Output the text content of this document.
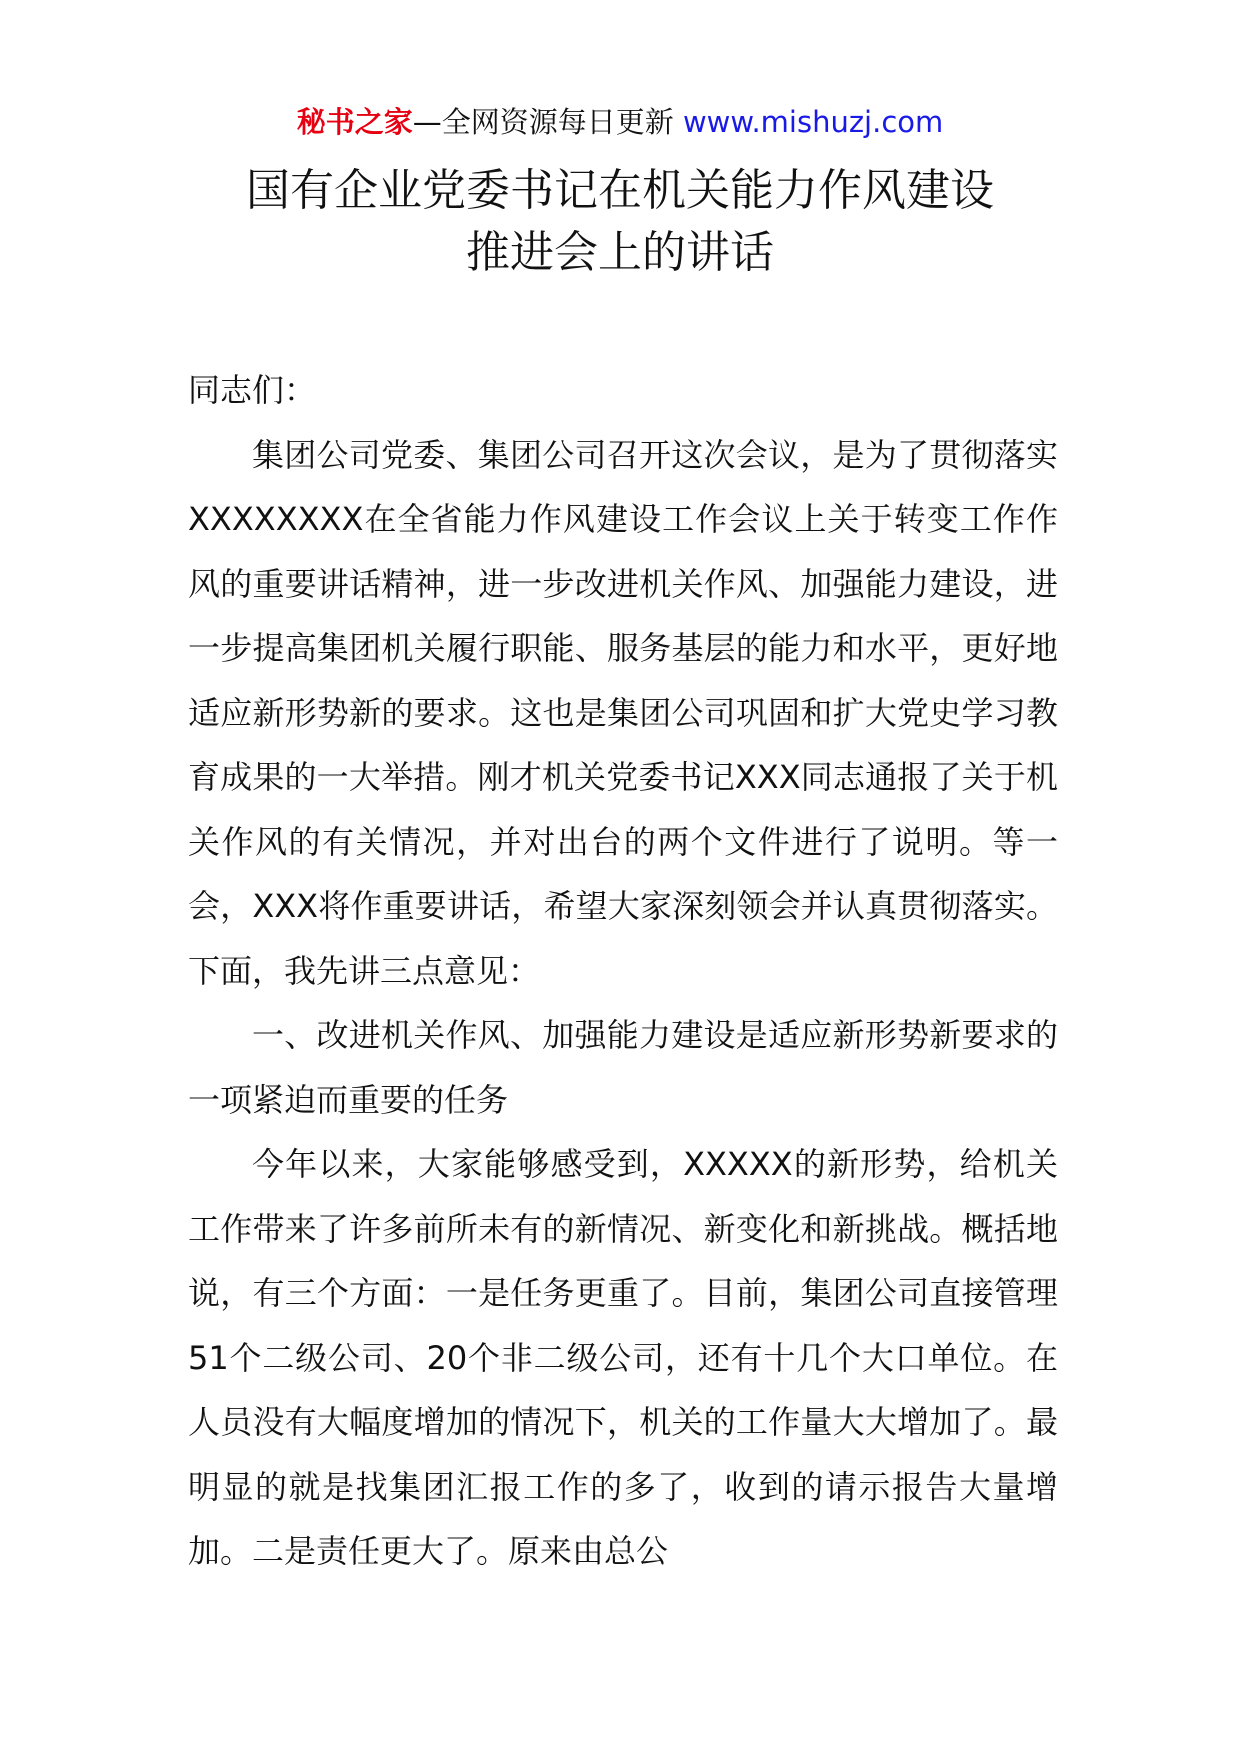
秘书之家—全网资源每日更新 www.mishuzj.com
国有企业党委书记在机关能力作风建设
推进会上的讲话

同志们：

集团公司党委、集团公司召开这次会议，是为了贯彻落实XXXXXXXX在全省能力作风建设工作会议上关于转变工作作风的重要讲话精神，进一步改进机关作风、加强能力建设，进一步提高集团机关履行职能、服务基层的能力和水平，更好地适应新形势新的要求。这也是集团公司巩固和扩大党史学习教育成果的一大举措。刚才机关党委书记XXX同志通报了关于机关作风的有关情况，并对出台的两个文件进行了说明。等一会，XXX将作重要讲话，希望大家深刻领会并认真贯彻落实。下面，我先讲三点意见：

一、改进机关作风、加强能力建设是适应新形势新要求的一项紧迫而重要的任务

今年以来，大家能够感受到，XXXXX的新形势，给机关工作带来了许多前所未有的新情况、新变化和新挑战。概括地说，有三个方面：一是任务更重了。目前，集团公司直接管理51个二级公司、20个非二级公司，还有十几个大口单位。在人员没有大幅度增加的情况下，机关的工作量大大增加了。最明显的就是找集团汇报工作的多了，收到的请示报告大量增加。二是责任更大了。原来由总公
